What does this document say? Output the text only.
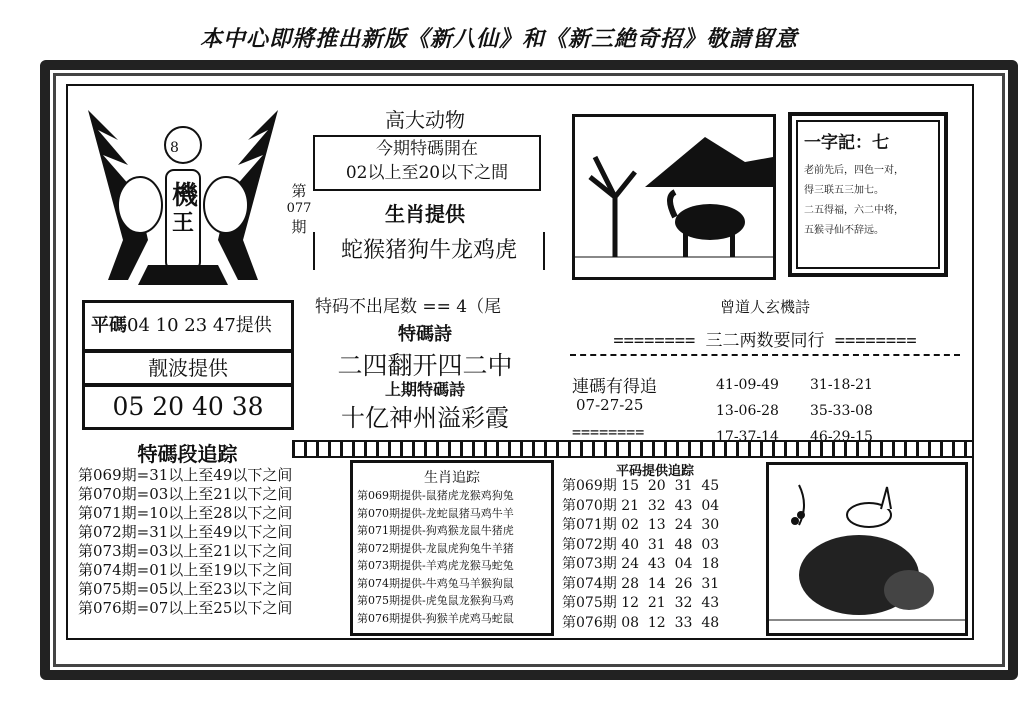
本中心即將推出新版《新八仙》和《新三絶奇招》敬請留意
8
機
王
第
077
期
高大动物
今期特碼開在
02以上至20以下之間
生肖提供
蛇猴猪狗牛龙鸡虎
特码不出尾数 == 4（尾
特碼詩
二四翻开四二中
上期特碼詩
十亿神州溢彩霞
平碼04 10 23 47提供
靓波提供
05 20 40 38
特碼段追踪
第069期=31以上至49以下之间
第070期=03以上至21以下之间
第071期=10以上至28以下之间
第072期=31以上至49以下之间
第073期=03以上至21以下之间
第074期=01以上至19以下之间
第075期=05以上至23以下之间
第076期=07以上至25以下之间
生肖追踪
第069期提供-鼠猪虎龙猴鸡狗兔
第070期提供-龙蛇鼠猪马鸡牛羊
第071期提供-狗鸡猴龙鼠牛猪虎
第072期提供-龙鼠虎狗兔牛羊猪
第073期提供-羊鸡虎龙猴马蛇兔
第074期提供-牛鸡兔马羊猴狗鼠
第075期提供-虎兔鼠龙猴狗马鸡
第076期提供-狗猴羊虎鸡马蛇鼠
平码提供追踪
第069期 15  20  31  45
第070期 21  32  43  04
第071期 02  13  24  30
第072期 40  31  48  03
第073期 24  43  04  18
第074期 28  14  26  31
第075期 12  21  32  43
第076期 08  12  33  48
一字記：七
老前先后，四色一对，
得三联五三加七。
二五得福，六二中将，
五猴寻仙不辞远。
曾道人玄機詩
======== 三二两数要同行 ========
連碼有得追
07-27-25
========
41-09-49
13-06-28
17-37-14
31-18-21
35-33-08
46-29-15
